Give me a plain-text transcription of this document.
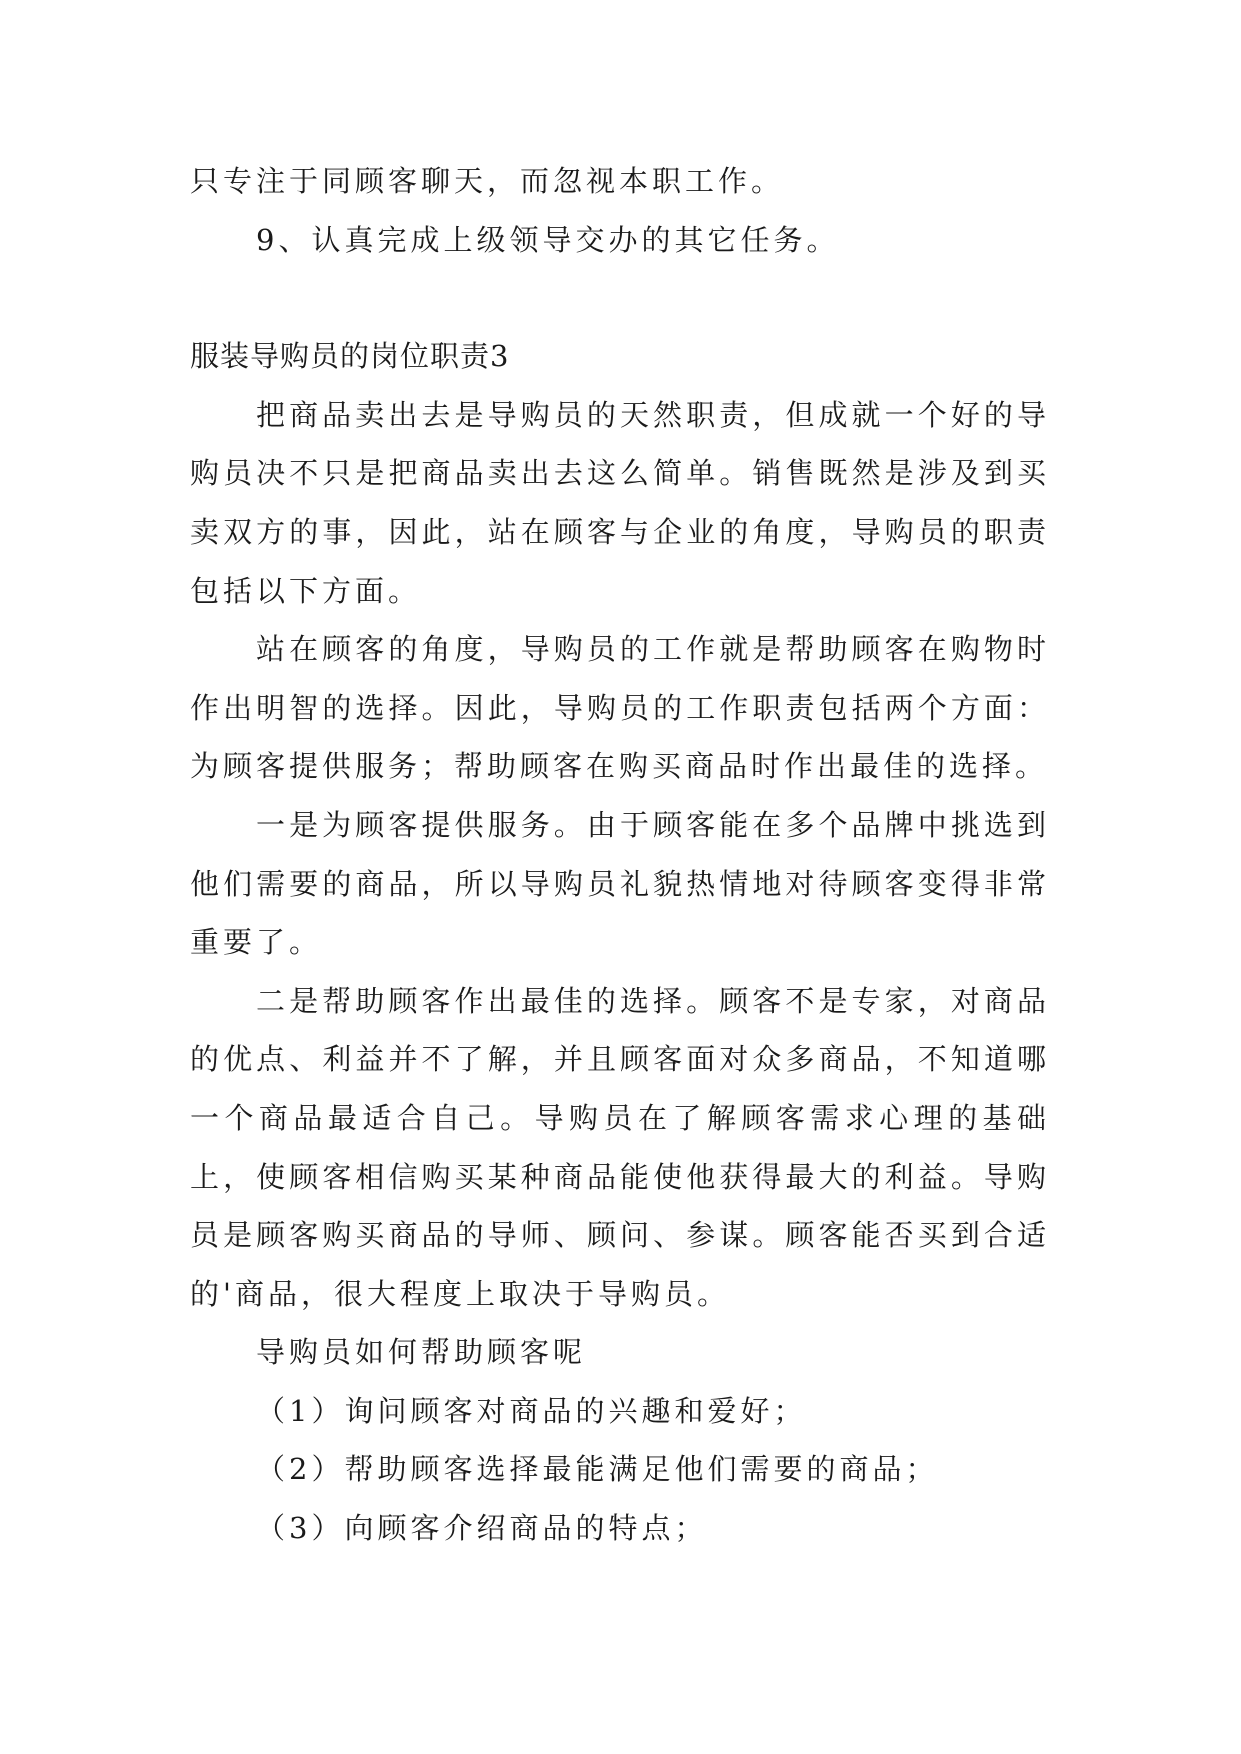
只专注于同顾客聊天，而忽视本职工作。

9、认真完成上级领导交办的其它任务。

服装导购员的岗位职责3

把商品卖出去是导购员的天然职责，但成就一个好的导购员决不只是把商品卖出去这么简单。销售既然是涉及到买卖双方的事，因此，站在顾客与企业的角度，导购员的职责包括以下方面。

站在顾客的角度，导购员的工作就是帮助顾客在购物时作出明智的选择。因此，导购员的工作职责包括两个方面：为顾客提供服务；帮助顾客在购买商品时作出最佳的选择。

一是为顾客提供服务。由于顾客能在多个品牌中挑选到他们需要的商品，所以导购员礼貌热情地对待顾客变得非常重要了。

二是帮助顾客作出最佳的选择。顾客不是专家，对商品的优点、利益并不了解，并且顾客面对众多商品，不知道哪一个商品最适合自己。导购员在了解顾客需求心理的基础上，使顾客相信购买某种商品能使他获得最大的利益。导购员是顾客购买商品的导师、顾问、参谋。顾客能否买到合适的'商品，很大程度上取决于导购员。

导购员如何帮助顾客呢

（1）询问顾客对商品的兴趣和爱好；

（2）帮助顾客选择最能满足他们需要的商品；

（3）向顾客介绍商品的特点；
